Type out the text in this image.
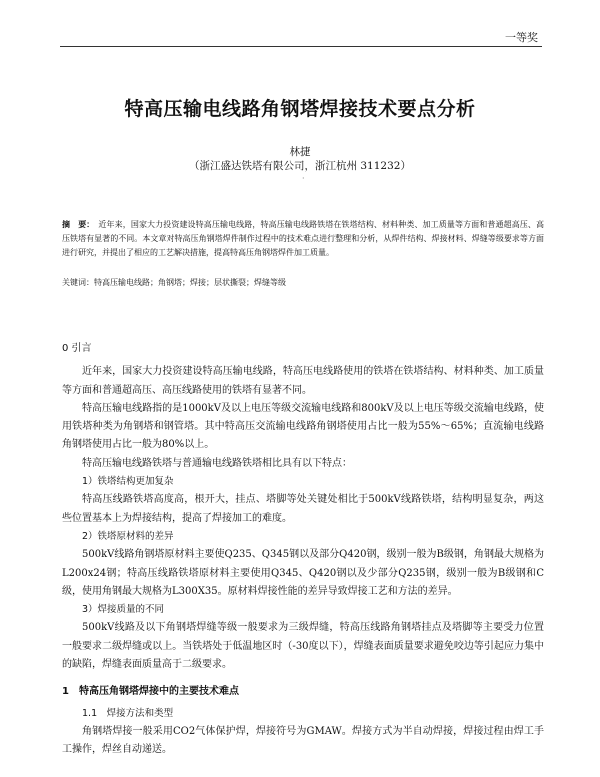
一等奖
特高压输电线路角钢塔焊接技术要点分析
林捷
（浙江盛达铁塔有限公司，浙江杭州 311232）
·
摘　要： 近年来，国家大力投资建设特高压输电线路，特高压输电线路铁塔在铁塔结构、材料种类、加工质量等方面和普通超高压、高压铁塔有显著的不同。本文章对特高压角钢塔焊件制作过程中的技术难点进行整理和分析，从焊件结构、焊接材料、焊缝等级要求等方面进行研究，并提出了相应的工艺解决措施，提高特高压角钢塔焊件加工质量。
关键词：特高压输电线路；角钢塔；焊接；层状撕裂；焊缝等级

0 引言

近年来，国家大力投资建设特高压输电线路，特高压电线路使用的铁塔在铁塔结构、材料种类、加工质量等方面和普通超高压、高压线路使用的铁塔有显著不同。

特高压输电线路指的是1000kV及以上电压等级交流输电线路和800kV及以上电压等级交流输电线路，使用铁塔种类为角钢塔和钢管塔。其中特高压交流输电线路角钢塔使用占比一般为55%～65%；直流输电线路角钢塔使用占比一般为80%以上。

特高压输电线路铁塔与普通输电线路铁塔相比具有以下特点：

1）铁塔结构更加复杂

特高压线路铁塔高度高，根开大，挂点、塔脚等处关键处相比于500kV线路铁塔，结构明显复杂，两这些位置基本上为焊接结构，提高了焊接加工的难度。

2）铁塔原材料的差异

500kV线路角钢塔原材料主要使Q235、Q345钢以及部分Q420钢，级别一般为B级钢，角钢最大规格为L200x24钢；特高压线路铁塔原材料主要使用Q345、Q420钢以及少部分Q235钢，级别一般为B级钢和C级，使用角钢最大规格为L300X35。原材料焊接性能的差异导致焊接工艺和方法的差异。

3）焊接质量的不同

500kV线路及以下角钢塔焊缝等级一般要求为三级焊缝，特高压线路角钢塔挂点及塔脚等主要受力位置一般要求二级焊缝或以上。当铁塔处于低温地区时（-30度以下），焊缝表面质量要求避免咬边等引起应力集中的缺陷，焊缝表面质量高于二级要求。

1　特高压角钢塔焊接中的主要技术难点

1.1　焊接方法和类型

角钢塔焊接一般采用CO2气体保护焊，焊接符号为GMAW。焊接方式为半自动焊接，焊接过程由焊工手工操作，焊丝自动递送。
